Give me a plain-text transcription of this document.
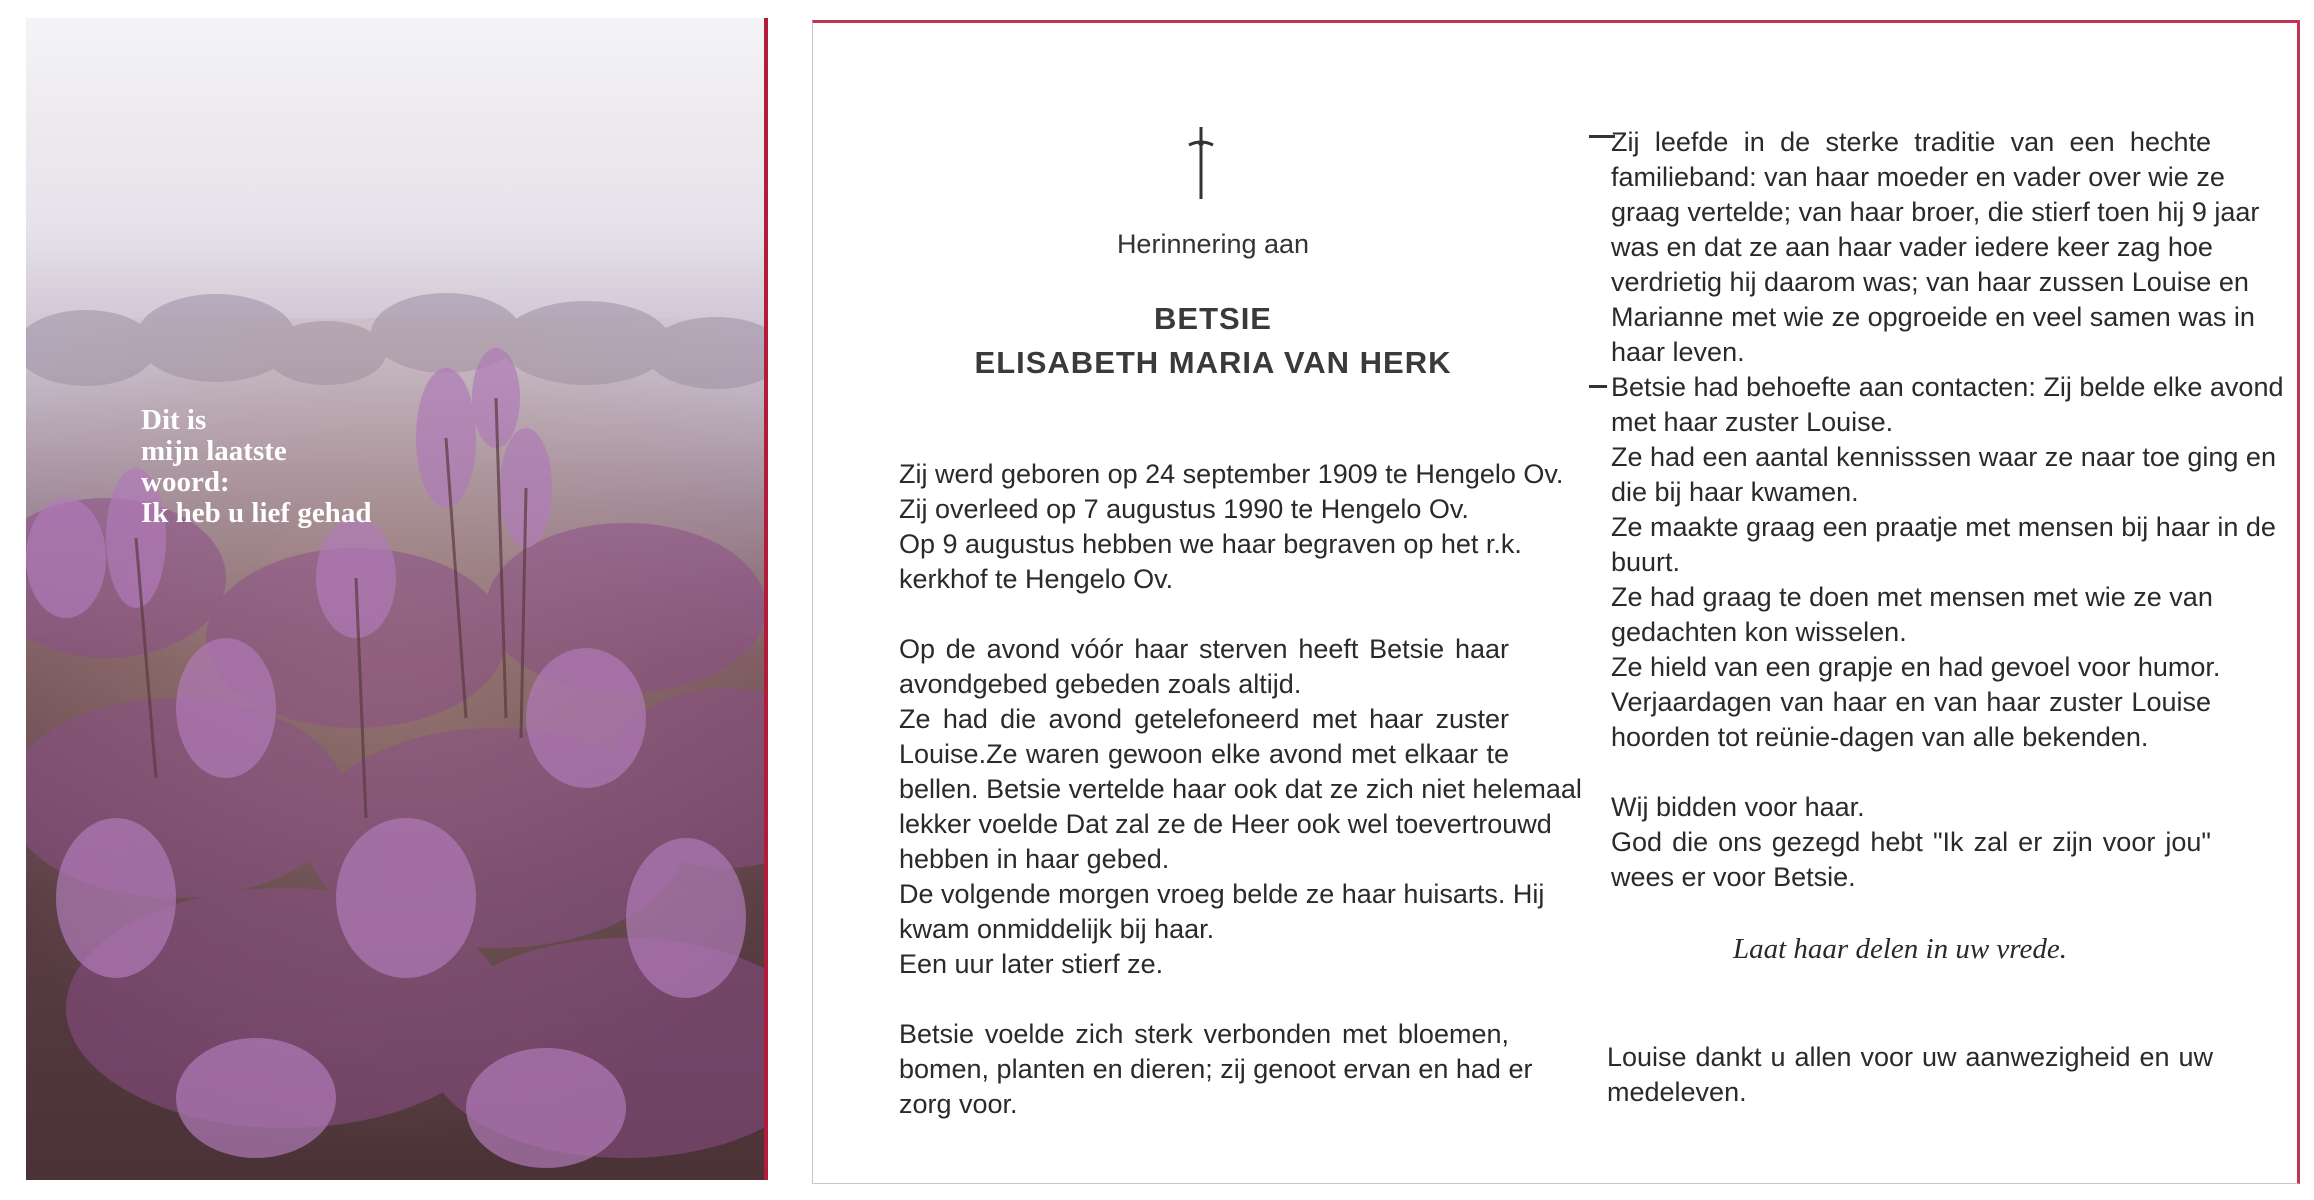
Dit is
mijn laatste
woord:
Ik heb u lief gehad
Herinnering aan
BETSIE
ELISABETH MARIA VAN HERK
Zij werd geboren op 24 september 1909 te Hengelo Ov.
Zij overleed op 7 augustus 1990 te Hengelo Ov.
Op 9 augustus hebben we haar begraven op het r.k.
kerkhof te Hengelo Ov.
Op de avond vóór haar sterven heeft Betsie haar
avondgebed gebeden zoals altijd.
Ze had die avond getelefoneerd met haar zuster
Louise.Ze waren gewoon elke avond met elkaar te
bellen. Betsie vertelde haar ook dat ze zich niet helemaal
lekker voelde Dat zal ze de Heer ook wel toevertrouwd
hebben in haar gebed.
De volgende morgen vroeg belde ze haar huisarts. Hij
kwam onmiddelijk bij haar.
Een uur later stierf ze.
Betsie voelde zich sterk verbonden met bloemen,
bomen, planten en dieren; zij genoot ervan en had er
zorg voor.
Zij leefde in de sterke traditie van een hechte
familieband: van haar moeder en vader over wie ze
graag vertelde; van haar broer, die stierf toen hij 9 jaar
was en dat ze aan haar vader iedere keer zag hoe
verdrietig hij daarom was; van haar zussen Louise en
Marianne met wie ze opgroeide en veel samen was in
haar leven.
Betsie had behoefte aan contacten: Zij belde elke avond
met haar zuster Louise.
Ze had een aantal kennisssen waar ze naar toe ging en
die bij haar kwamen.
Ze maakte graag een praatje met mensen bij haar in de
buurt.
Ze had graag te doen met mensen met wie ze van
gedachten kon wisselen.
Ze hield van een grapje en had gevoel voor humor.
Verjaardagen van haar en van haar zuster Louise
hoorden tot reünie-dagen van alle bekenden.
Wij bidden voor haar.
God die ons gezegd hebt "Ik zal er zijn voor jou"
wees er voor Betsie.
Laat haar delen in uw vrede.
Louise dankt u allen voor uw aanwezigheid en uw
medeleven.
